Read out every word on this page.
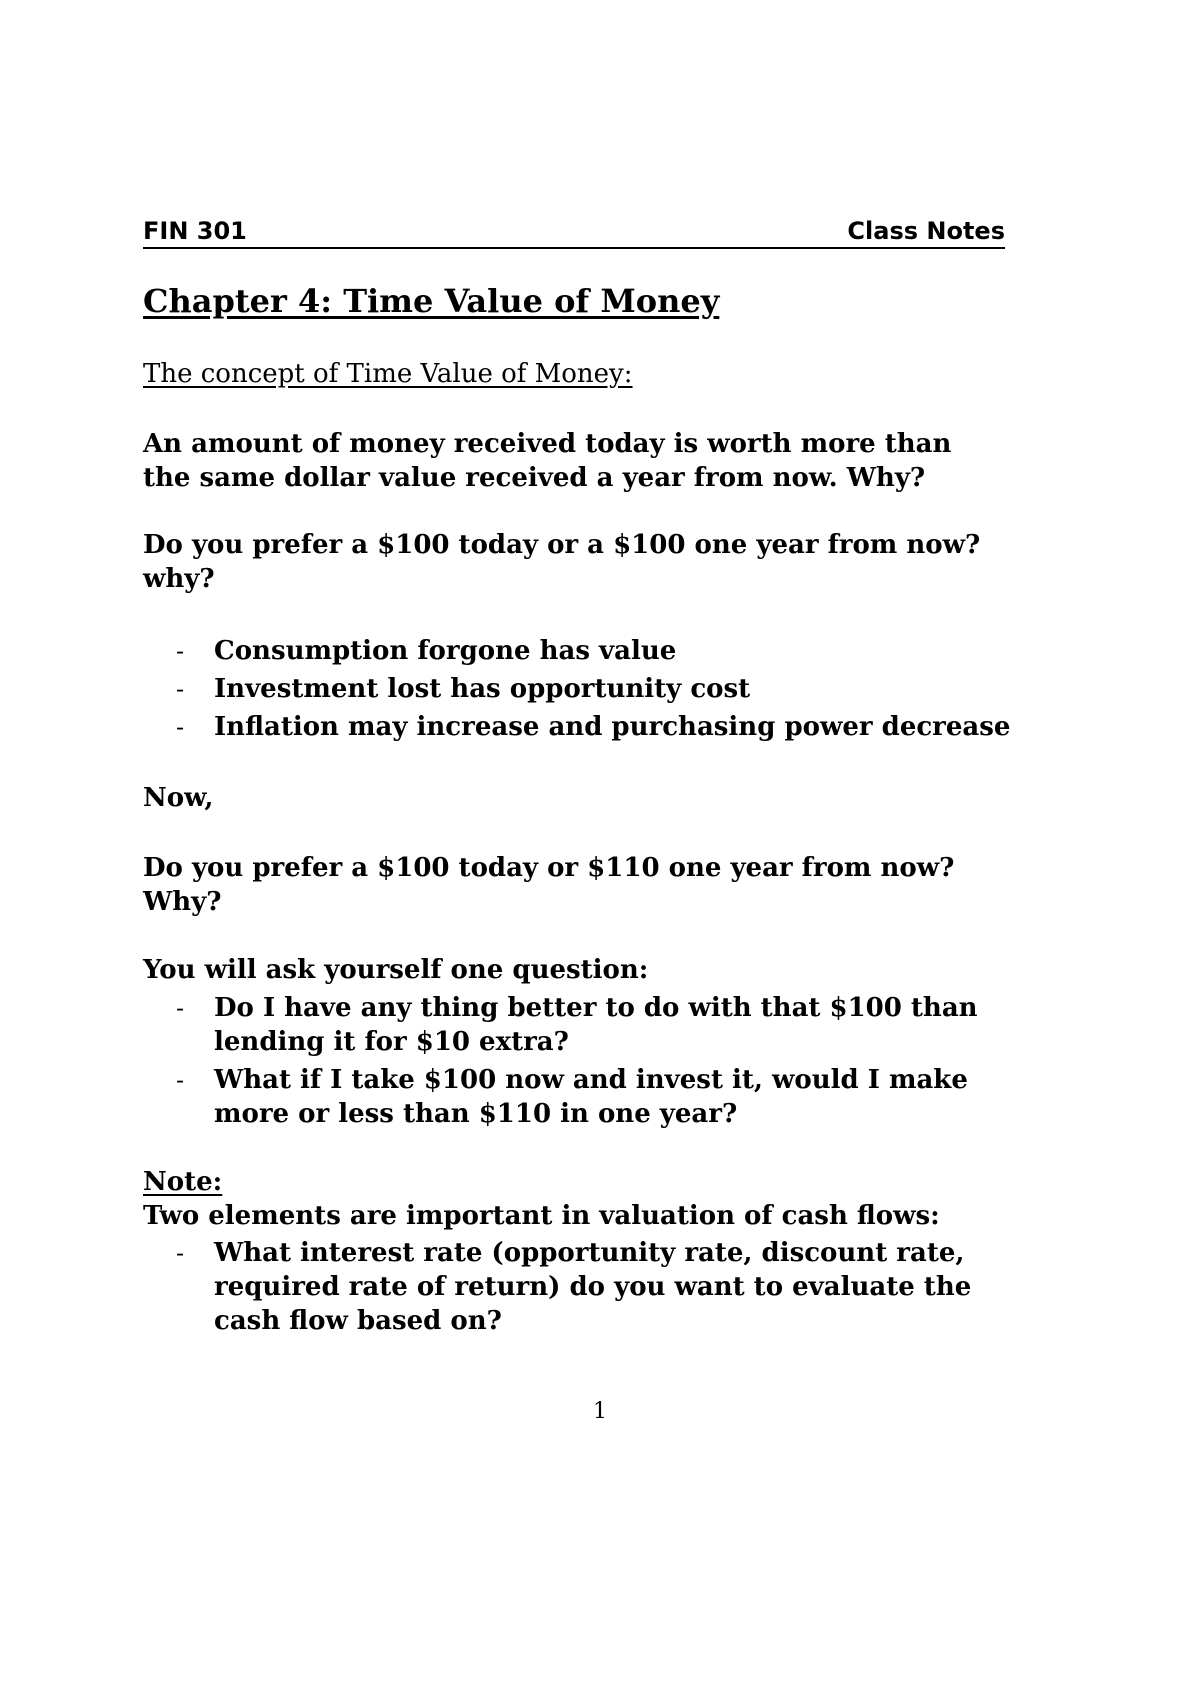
FIN 301	Class Notes
Chapter 4: Time Value of Money
The concept of Time Value of Money:
An amount of money received today is worth more than
the same dollar value received a year from now. Why?
Do you prefer a $100 today or a $100 one year from now?
why?
- Consumption forgone has value
- Investment lost has opportunity cost
- Inflation may increase and purchasing power decrease
Now,
Do you prefer a $100 today or $110 one year from now?
Why?
You will ask yourself one question:
- Do I have any thing better to do with that $100 than
lending it for $10 extra?
- What if I take $100 now and invest it, would I make
more or less than $110 in one year?
Note:
Two elements are important in valuation of cash flows:
- What interest rate (opportunity rate, discount rate,
required rate of return) do you want to evaluate the
cash flow based on?
1
